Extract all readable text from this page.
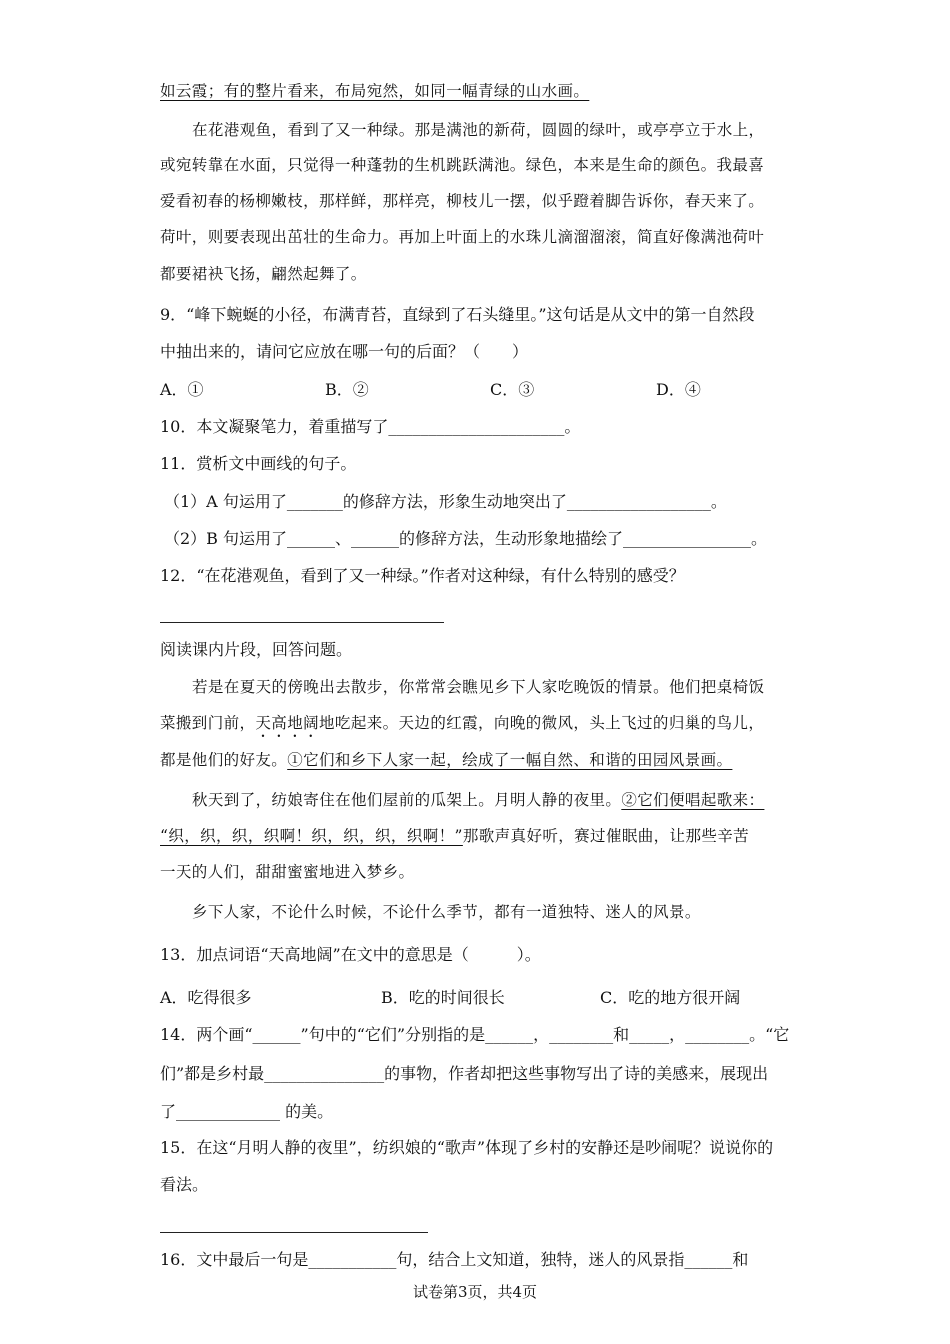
如云霞；有的整片看来，布局宛然，如同一幅青绿的山水画。
在花港观鱼，看到了又一种绿。那是满池的新荷，圆圆的绿叶，或亭亭立于水上，
或宛转靠在水面，只觉得一种蓬勃的生机跳跃满池。绿色，本来是生命的颜色。我最喜
爱看初春的杨柳嫩枝，那样鲜，那样亮，柳枝儿一摆，似乎蹬着脚告诉你，春天来了。
荷叶，则要表现出茁壮的生命力。再加上叶面上的水珠儿滴溜溜滚，简直好像满池荷叶
都要裙袂飞扬，翩然起舞了。
9．“峰下蜿蜒的小径，布满青苔，直绿到了石头缝里。”这句话是从文中的第一自然段
中抽出来的，请问它应放在哪一句的后面？（　　）
A．①	B．②	C．③	D．④
10．本文凝聚笔力，着重描写了______________________。
11．赏析文中画线的句子。
（1）A 句运用了_______的修辞方法，形象生动地突出了__________________。
（2）B 句运用了______、______的修辞方法，生动形象地描绘了________________。
12．“在花港观鱼，看到了又一种绿。”作者对这种绿，有什么特别的感受？
阅读课内片段，回答问题。
若是在夏天的傍晚出去散步，你常常会瞧见乡下人家吃晚饭的情景。他们把桌椅饭
菜搬到门前，天高地阔地吃起来。天边的红霞，向晚的微风，头上飞过的归巢的鸟儿，
都是他们的好友。①它们和乡下人家一起，绘成了一幅自然、和谐的田园风景画。
秋天到了，纺娘寄住在他们屋前的瓜架上。月明人静的夜里。②它们便唱起歌来：
“织，织，织，织啊！织，织，织，织啊！”那歌声真好听，赛过催眠曲，让那些辛苦
一天的人们，甜甜蜜蜜地进入梦乡。
乡下人家，不论什么时候，不论什么季节，都有一道独特、迷人的风景。
13．加点词语“天高地阔”在文中的意思是（　　　）。
A．吃得很多	B．吃的时间很长	C．吃的地方很开阔
14．两个画“______”句中的“它们”分别指的是______，________和_____，________。“它
们”都是乡村最_______________的事物，作者却把这些事物写出了诗的美感来，展现出
了_____________ 的美。
15．在这“月明人静的夜里”，纺织娘的“歌声”体现了乡村的安静还是吵闹呢？说说你的
看法。
16．文中最后一句是___________句，结合上文知道，独特，迷人的风景指______和
试卷第3页，共4页
